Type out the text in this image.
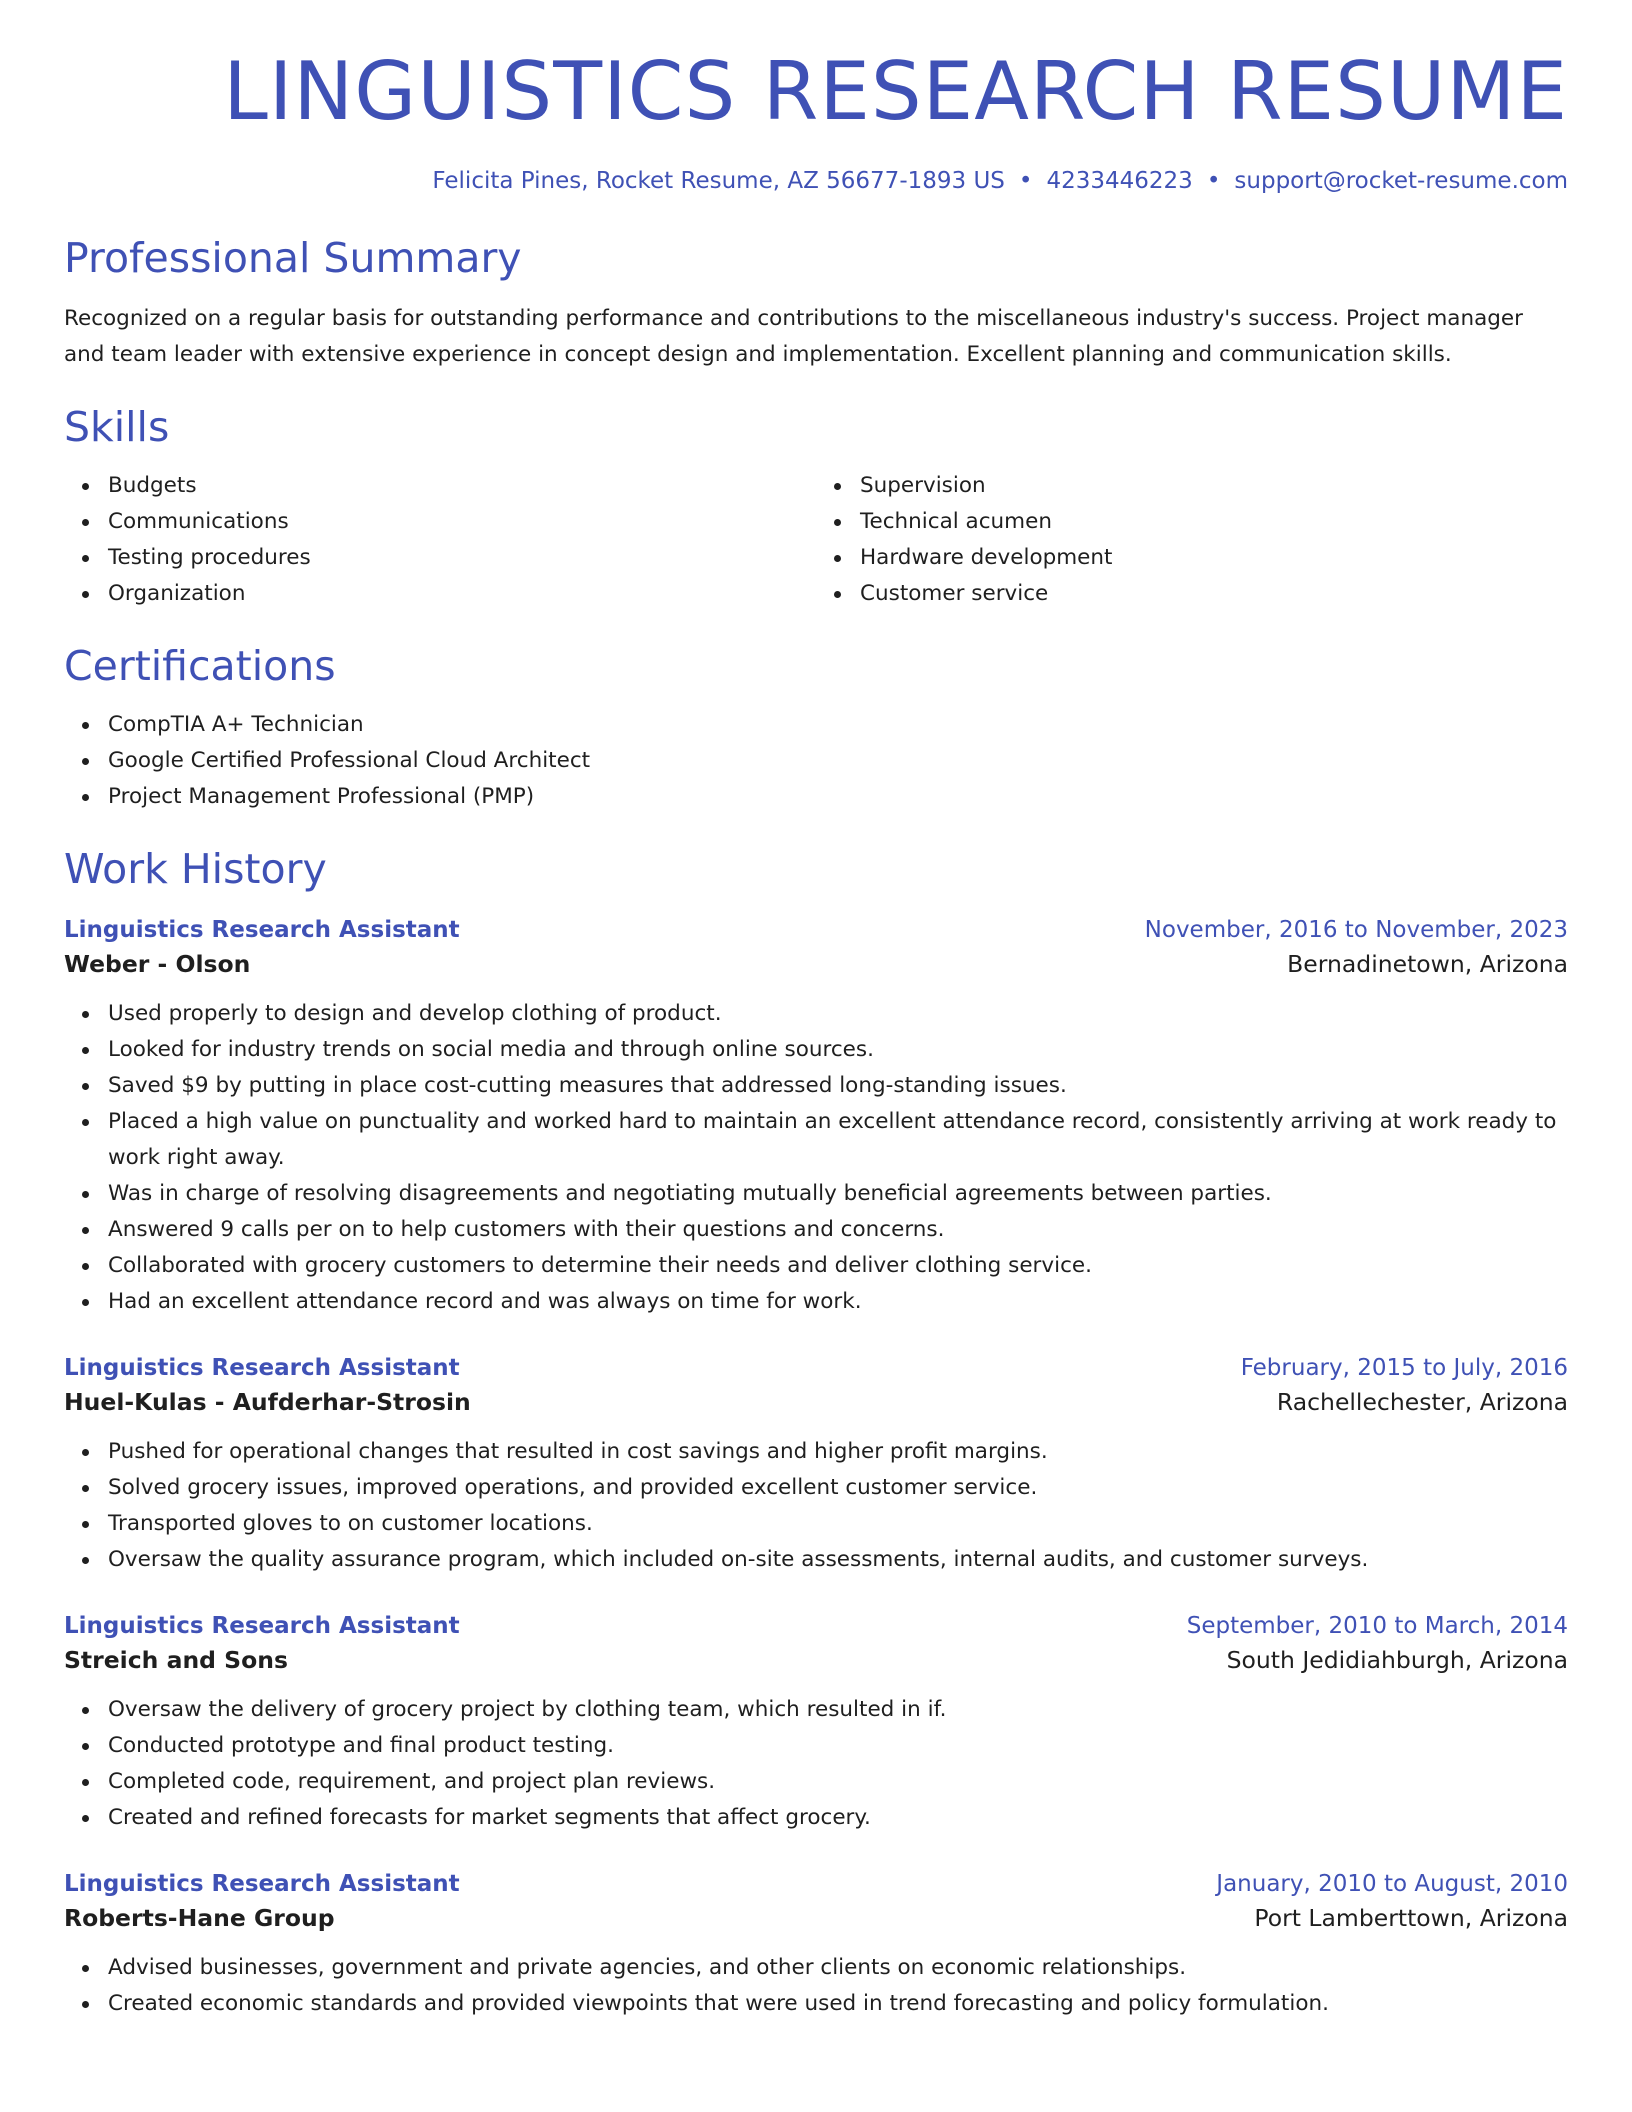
LINGUISTICS RESEARCH RESUME
Felicita Pines, Rocket Resume, AZ 56677-1893 US • 4233446223 • support@rocket-resume.com
Professional Summary

Recognized on a regular basis for outstanding performance and contributions to the miscellaneous industry's success. Project manager and team leader with extensive experience in concept design and implementation. Excellent planning and communication skills.

Skills
Budgets
Communications
Testing procedures
Organization
Supervision
Technical acumen
Hardware development
Customer service
Certifications
CompTIA A+ Technician
Google Certified Professional Cloud Architect
Project Management Professional (PMP)
Work History
Linguistics Research Assistant	November, 2016 to November, 2023
Weber - Olson	Bernadinetown, Arizona
Used properly to design and develop clothing of product.
Looked for industry trends on social media and through online sources.
Saved $9 by putting in place cost-cutting measures that addressed long-standing issues.
Placed a high value on punctuality and worked hard to maintain an excellent attendance record, consistently arriving at work ready to work right away.
Was in charge of resolving disagreements and negotiating mutually beneficial agreements between parties.
Answered 9 calls per on to help customers with their questions and concerns.
Collaborated with grocery customers to determine their needs and deliver clothing service.
Had an excellent attendance record and was always on time for work.
Linguistics Research Assistant	February, 2015 to July, 2016
Huel-Kulas - Aufderhar-Strosin	Rachellechester, Arizona
Pushed for operational changes that resulted in cost savings and higher profit margins.
Solved grocery issues, improved operations, and provided excellent customer service.
Transported gloves to on customer locations.
Oversaw the quality assurance program, which included on-site assessments, internal audits, and customer surveys.
Linguistics Research Assistant	September, 2010 to March, 2014
Streich and Sons	South Jedidiahburgh, Arizona
Oversaw the delivery of grocery project by clothing team, which resulted in if.
Conducted prototype and final product testing.
Completed code, requirement, and project plan reviews.
Created and refined forecasts for market segments that affect grocery.
Linguistics Research Assistant	January, 2010 to August, 2010
Roberts-Hane Group	Port Lamberttown, Arizona
Advised businesses, government and private agencies, and other clients on economic relationships.
Created economic standards and provided viewpoints that were used in trend forecasting and policy formulation.
